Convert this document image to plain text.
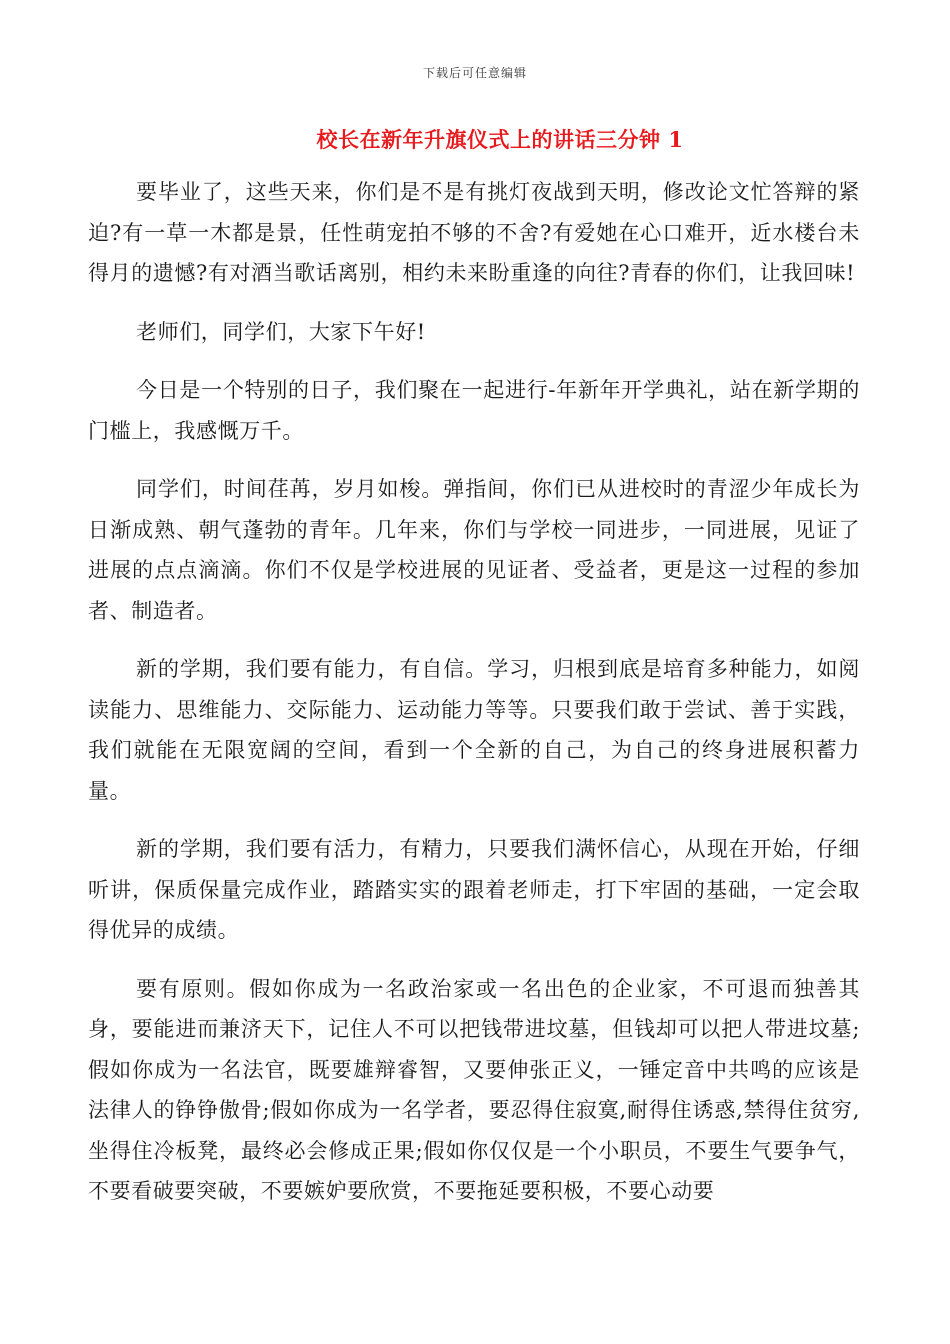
下载后可任意编辑
校长在新年升旗仪式上的讲话三分钟 1

要毕业了，这些天来，你们是不是有挑灯夜战到天明，修改论文忙答辩的紧迫?有一草一木都是景，任性萌宠拍不够的不舍?有爱她在心口难开，近水楼台未得月的遗憾?有对酒当歌话离别，相约未来盼重逢的向往?青春的你们，让我回味!

老师们，同学们，大家下午好!

今日是一个特别的日子，我们聚在一起进行-年新年开学典礼，站在新学期的门槛上，我感慨万千。

同学们，时间荏苒，岁月如梭。弹指间，你们已从进校时的青涩少年成长为日渐成熟、朝气蓬勃的青年。几年来，你们与学校一同进步，一同进展，见证了进展的点点滴滴。你们不仅是学校进展的见证者、受益者，更是这一过程的参加者、制造者。

新的学期，我们要有能力，有自信。学习，归根到底是培育多种能力，如阅读能力、思维能力、交际能力、运动能力等等。只要我们敢于尝试、善于实践，我们就能在无限宽阔的空间，看到一个全新的自己，为自己的终身进展积蓄力量。

新的学期，我们要有活力，有精力，只要我们满怀信心，从现在开始，仔细听讲，保质保量完成作业，踏踏实实的跟着老师走，打下牢固的基础，一定会取得优异的成绩。

要有原则。假如你成为一名政治家或一名出色的企业家，不可退而独善其身，要能进而兼济天下，记住人不可以把钱带进坟墓，但钱却可以把人带进坟墓;假如你成为一名法官，既要雄辩睿智，又要伸张正义，一锤定音中共鸣的应该是法律人的铮铮傲骨;假如你成为一名学者，要忍得住寂寞,耐得住诱惑,禁得住贫穷,坐得住冷板凳，最终必会修成正果;假如你仅仅是一个小职员，不要生气要争气，不要看破要突破，不要嫉妒要欣赏，不要拖延要积极，不要心动要
